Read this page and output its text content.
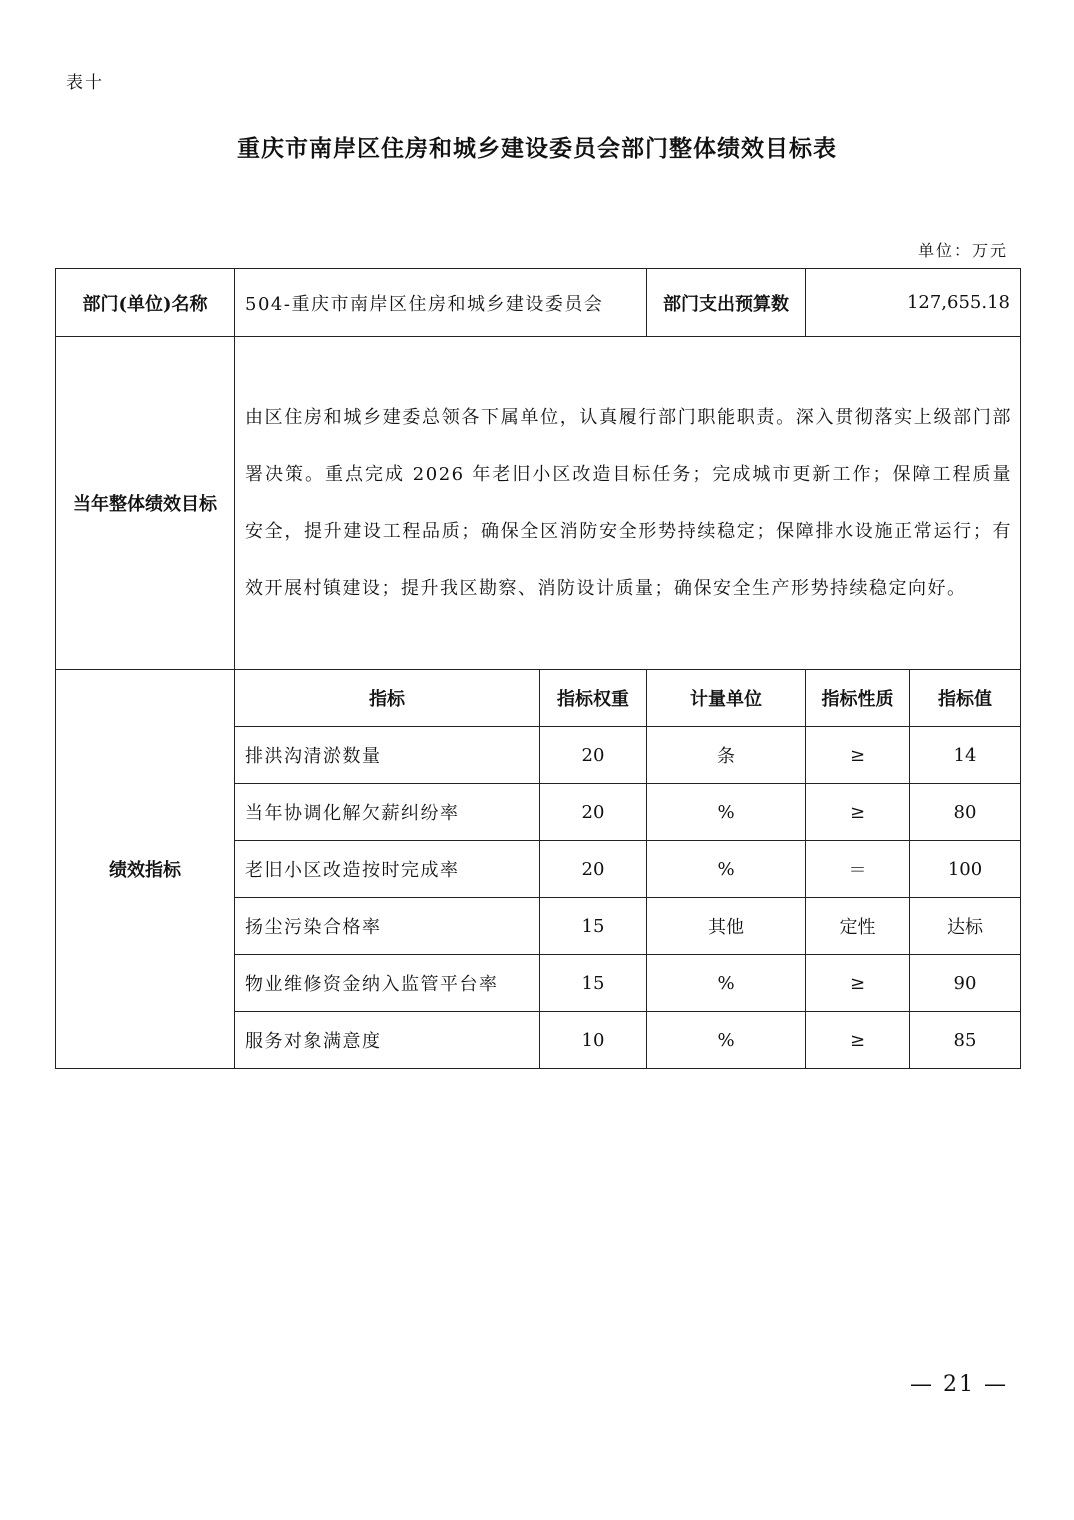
表十
重庆市南岸区住房和城乡建设委员会部门整体绩效目标表
单位：万元
部门(单位)名称	504-重庆市南岸区住房和城乡建设委员会		部门支出预算数	127,655.18	
当年整体绩效目标	由区住房和城乡建委总领各下属单位，认真履行部门职能职责。深入贯彻落实上级部门部署决策。重点完成 2026 年老旧小区改造目标任务；完成城市更新工作；保障工程质量安全，提升建设工程品质；确保全区消防安全形势持续稳定；保障排水设施正常运行；有效开展村镇建设；提升我区勘察、消防设计质量；确保安全生产形势持续稳定向好。				
绩效指标	指标	指标权重	计量单位	指标性质	指标值
	排洪沟清淤数量	20	条	≥	14
	当年协调化解欠薪纠纷率	20	%	≥	80
	老旧小区改造按时完成率	20	%	＝	100
	扬尘污染合格率	15	其他	定性	达标
	物业维修资金纳入监管平台率	15	%	≥	90
	服务对象满意度	10	%	≥	85
— 21 —
